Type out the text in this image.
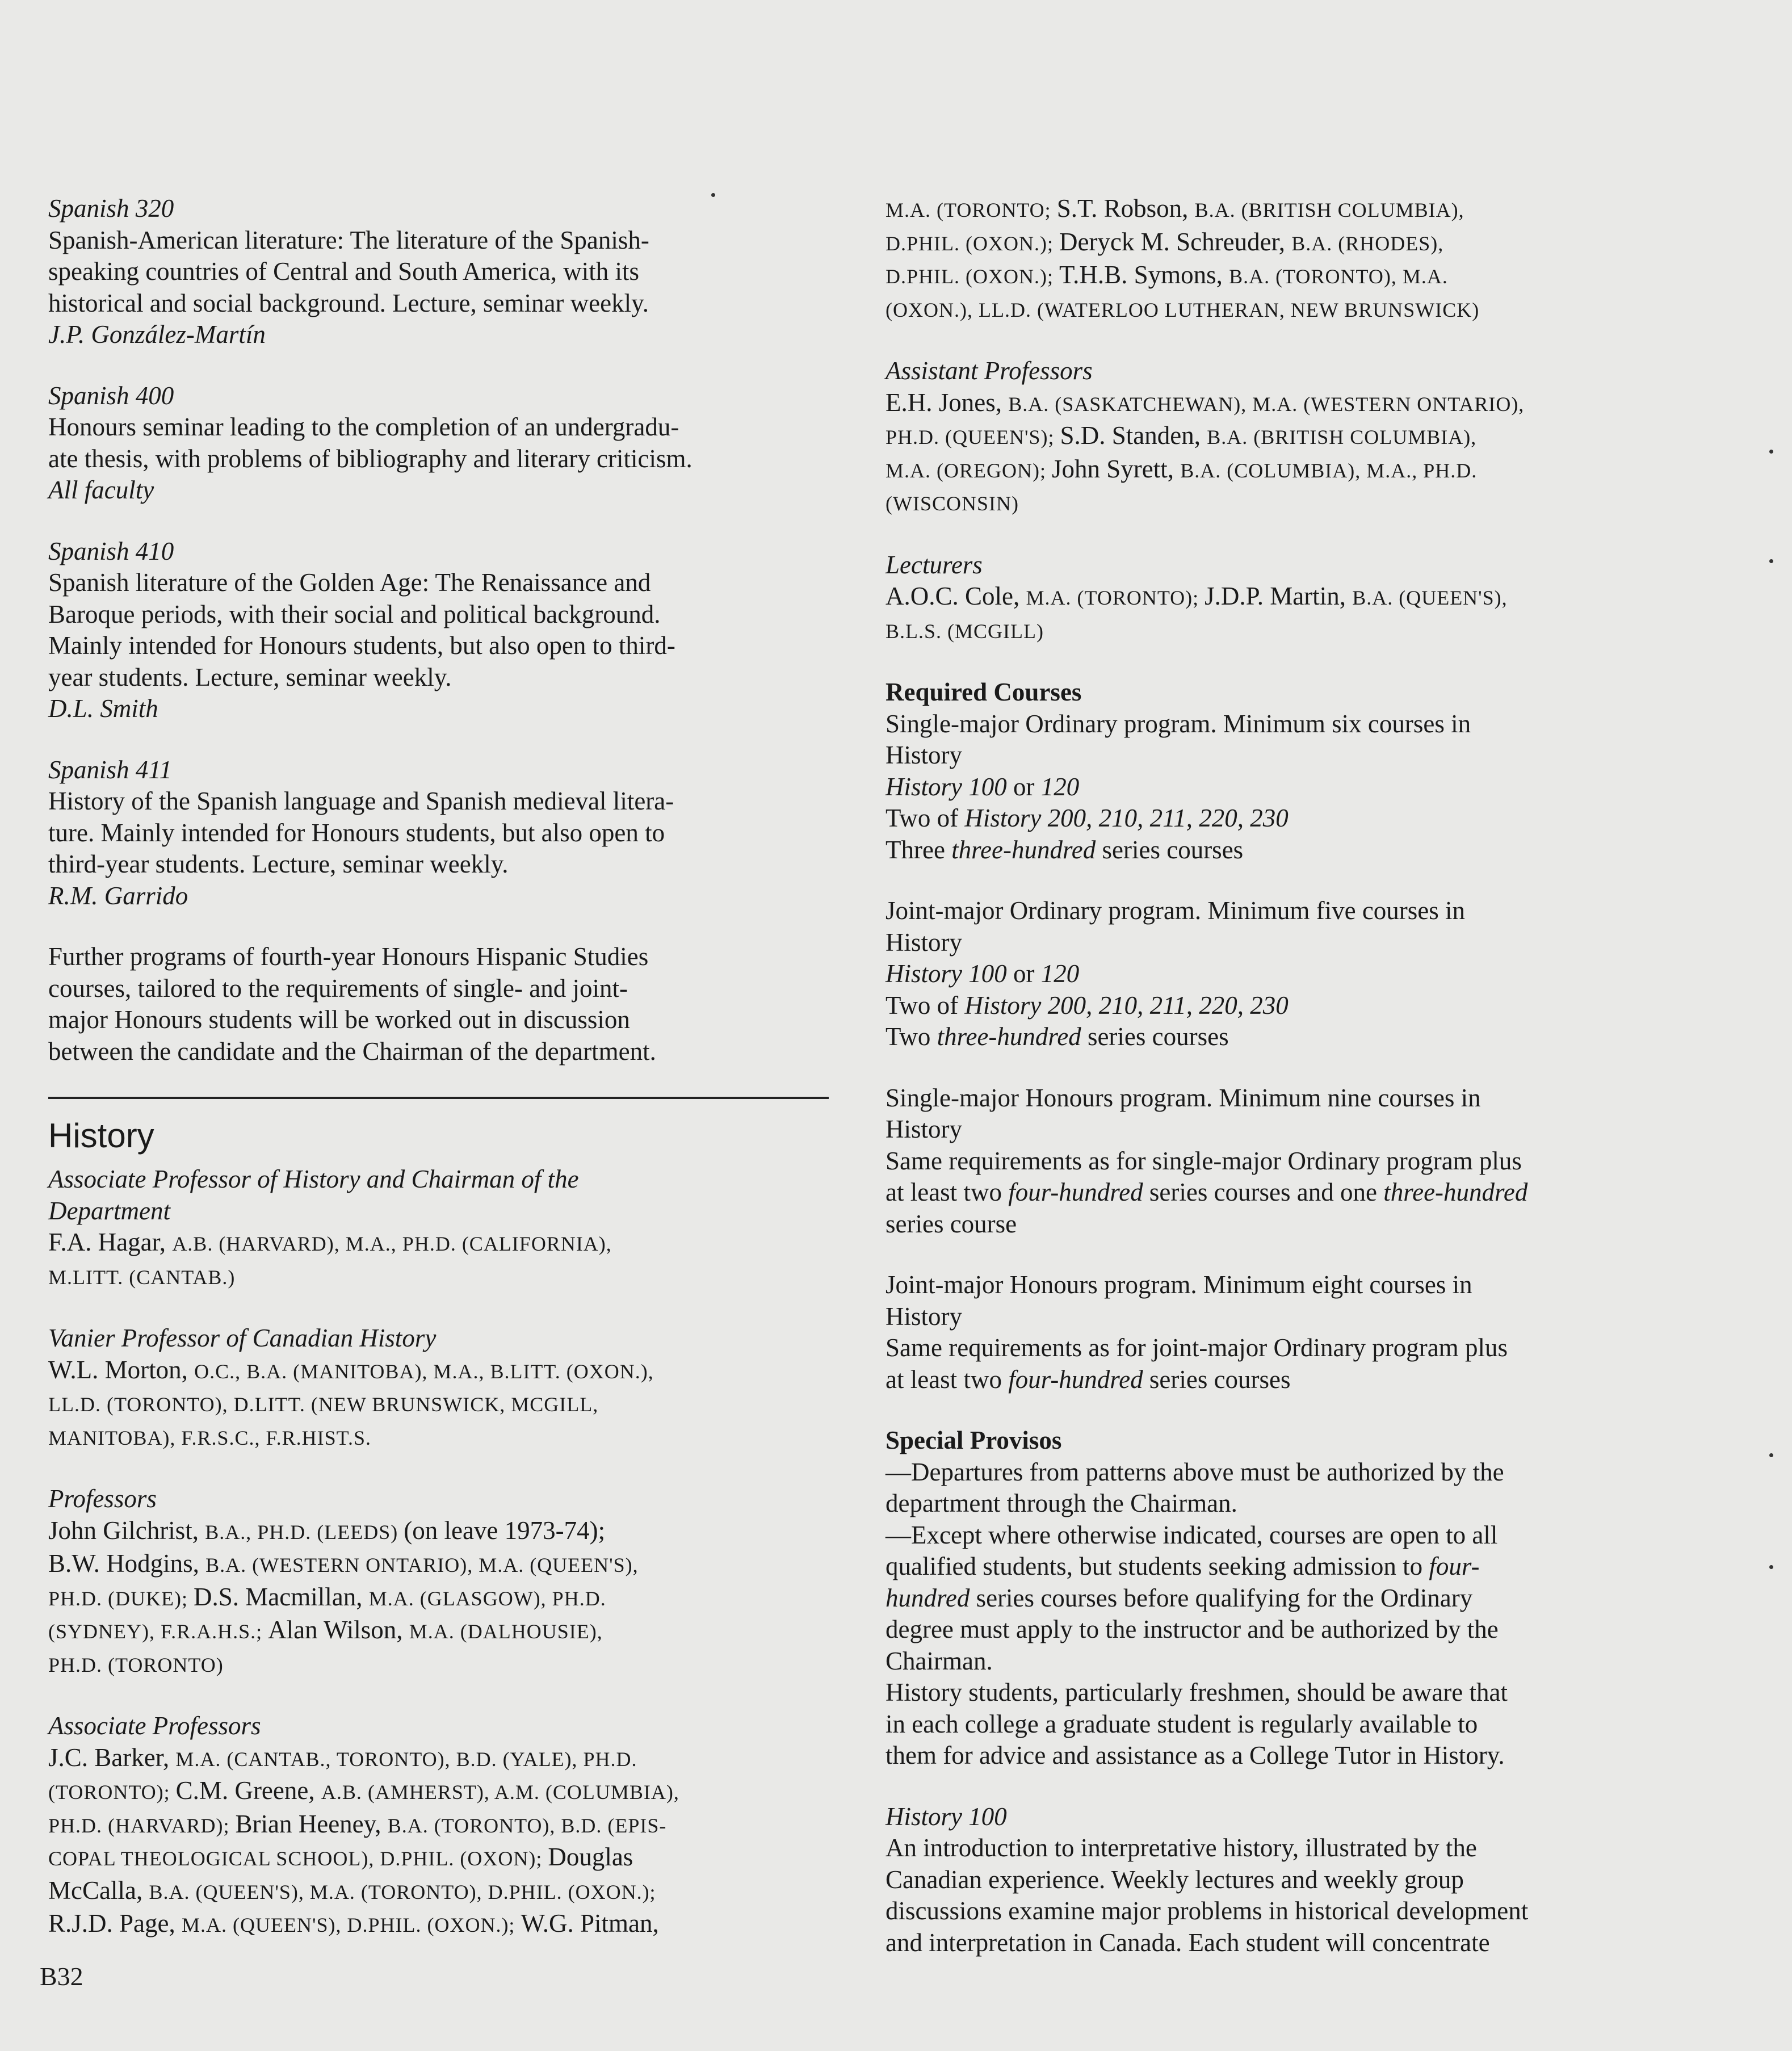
Spanish 320
Spanish-American literature: The literature of the Spanish-
speaking countries of Central and South America, with its
historical and social background. Lecture, seminar weekly.
J.P. González-Martín
Spanish 400
Honours seminar leading to the completion of an undergradu-
ate thesis, with problems of bibliography and literary criticism.
All faculty
Spanish 410
Spanish literature of the Golden Age: The Renaissance and
Baroque periods, with their social and political background.
Mainly intended for Honours students, but also open to third-
year students. Lecture, seminar weekly.
D.L. Smith
Spanish 411
History of the Spanish language and Spanish medieval litera-
ture. Mainly intended for Honours students, but also open to
third-year students. Lecture, seminar weekly.
R.M. Garrido
Further programs of fourth-year Honours Hispanic Studies
courses, tailored to the requirements of single- and joint-
major Honours students will be worked out in discussion
between the candidate and the Chairman of the department.
History
Associate Professor of History and Chairman of the
Department
F.A. Hagar, A.B. (HARVARD), M.A., PH.D. (CALIFORNIA),
M.LITT. (CANTAB.)
Vanier Professor of Canadian History
W.L. Morton, O.C., B.A. (MANITOBA), M.A., B.LITT. (OXON.),
LL.D. (TORONTO), D.LITT. (NEW BRUNSWICK, MCGILL,
MANITOBA), F.R.S.C., F.R.HIST.S.
Professors
John Gilchrist, B.A., PH.D. (LEEDS) (on leave 1973-74);
B.W. Hodgins, B.A. (WESTERN ONTARIO), M.A. (QUEEN'S),
PH.D. (DUKE); D.S. Macmillan, M.A. (GLASGOW), PH.D.
(SYDNEY), F.R.A.H.S.; Alan Wilson, M.A. (DALHOUSIE),
PH.D. (TORONTO)
Associate Professors
J.C. Barker, M.A. (CANTAB., TORONTO), B.D. (YALE), PH.D.
(TORONTO); C.M. Greene, A.B. (AMHERST), A.M. (COLUMBIA),
PH.D. (HARVARD); Brian Heeney, B.A. (TORONTO), B.D. (EPIS-
COPAL THEOLOGICAL SCHOOL), D.PHIL. (OXON); Douglas
McCalla, B.A. (QUEEN'S), M.A. (TORONTO), D.PHIL. (OXON.);
R.J.D. Page, M.A. (QUEEN'S), D.PHIL. (OXON.); W.G. Pitman,
M.A. (TORONTO; S.T. Robson, B.A. (BRITISH COLUMBIA),
D.PHIL. (OXON.); Deryck M. Schreuder, B.A. (RHODES),
D.PHIL. (OXON.); T.H.B. Symons, B.A. (TORONTO), M.A.
(OXON.), LL.D. (WATERLOO LUTHERAN, NEW BRUNSWICK)
Assistant Professors
E.H. Jones, B.A. (SASKATCHEWAN), M.A. (WESTERN ONTARIO),
PH.D. (QUEEN'S); S.D. Standen, B.A. (BRITISH COLUMBIA),
M.A. (OREGON); John Syrett, B.A. (COLUMBIA), M.A., PH.D.
(WISCONSIN)
Lecturers
A.O.C. Cole, M.A. (TORONTO); J.D.P. Martin, B.A. (QUEEN'S),
B.L.S. (MCGILL)
Required Courses
Single-major Ordinary program. Minimum six courses in
History
History 100 or 120
Two of History 200, 210, 211, 220, 230
Three three-hundred series courses
Joint-major Ordinary program. Minimum five courses in
History
History 100 or 120
Two of History 200, 210, 211, 220, 230
Two three-hundred series courses
Single-major Honours program. Minimum nine courses in
History
Same requirements as for single-major Ordinary program plus
at least two four-hundred series courses and one three-hundred
series course
Joint-major Honours program. Minimum eight courses in
History
Same requirements as for joint-major Ordinary program plus
at least two four-hundred series courses
Special Provisos
—Departures from patterns above must be authorized by the
department through the Chairman.
—Except where otherwise indicated, courses are open to all
qualified students, but students seeking admission to four-
hundred series courses before qualifying for the Ordinary
degree must apply to the instructor and be authorized by the
Chairman.
History students, particularly freshmen, should be aware that
in each college a graduate student is regularly available to
them for advice and assistance as a College Tutor in History.
History 100
An introduction to interpretative history, illustrated by the
Canadian experience. Weekly lectures and weekly group
discussions examine major problems in historical development
and interpretation in Canada. Each student will concentrate
B32
